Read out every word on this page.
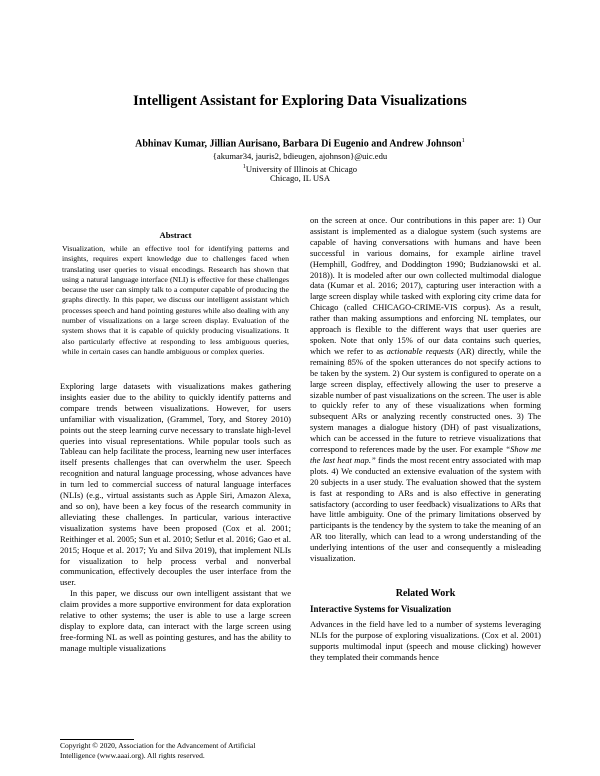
Intelligent Assistant for Exploring Data Visualizations
Abhinav Kumar, Jillian Aurisano, Barbara Di Eugenio and Andrew Johnson$^1$
{akumar34, jauris2, bdieugen, ajohnson}@uic.edu
$^1$University of Illinois at Chicago
Chicago, IL USA
Abstract
Visualization, while an effective tool for identifying patterns and insights, requires expert knowledge due to challenges faced when translating user queries to visual encodings. Research has shown that using a natural language interface (NLI) is effective for these challenges because the user can simply talk to a computer capable of producing the graphs directly. In this paper, we discuss our intelligent assistant which processes speech and hand pointing gestures while also dealing with any number of visualizations on a large screen display. Evaluation of the system shows that it is capable of quickly producing visualizations. It also particularly effective at responding to less ambiguous queries, while in certain cases can handle ambiguous or complex queries.

Exploring large datasets with visualizations makes gathering insights easier due to the ability to quickly identify patterns and compare trends between visualizations. However, for users unfamiliar with visualization, (Grammel, Tory, and Storey 2010) points out the steep learning curve necessary to translate high-level queries into visual representations. While popular tools such as Tableau can help facilitate the process, learning new user interfaces itself presents challenges that can overwhelm the user. Speech recognition and natural language processing, whose advances have in turn led to commercial success of natural language interfaces (NLIs) (e.g., virtual assistants such as Apple Siri, Amazon Alexa, and so on), have been a key focus of the research community in alleviating these challenges. In particular, various interactive visualization systems have been proposed (Cox et al. 2001; Reithinger et al. 2005; Sun et al. 2010; Setlur et al. 2016; Gao et al. 2015; Hoque et al. 2017; Yu and Silva 2019), that implement NLIs for visualization to help process verbal and nonverbal communication, effectively decouples the user interface from the user.

In this paper, we discuss our own intelligent assistant that we claim provides a more supportive environment for data exploration relative to other systems; the user is able to use a large screen display to explore data, can interact with the large screen using free-forming NL as well as pointing gestures, and has the ability to manage multiple visualizations

Copyright © 2020, Association for the Advancement of Artificial Intelligence (www.aaai.org). All rights reserved.
on the screen at once. Our contributions in this paper are: 1) Our assistant is implemented as a dialogue system (such systems are capable of having conversations with humans and have been successful in various domains, for example airline travel (Hemphill, Godfrey, and Doddington 1990; Budzianowski et al. 2018)). It is modeled after our own collected multimodal dialogue data (Kumar et al. 2016; 2017), capturing user interaction with a large screen display while tasked with exploring city crime data for Chicago (called CHICAGO-CRIME-VIS corpus). As a result, rather than making assumptions and enforcing NL templates, our approach is flexible to the different ways that user queries are spoken. Note that only 15% of our data contains such queries, which we refer to as actionable requests (AR) directly, while the remaining 85% of the spoken utterances do not specify actions to be taken by the system. 2) Our system is configured to operate on a large screen display, effectively allowing the user to preserve a sizable number of past visualizations on the screen. The user is able to quickly refer to any of these visualizations when forming subsequent ARs or analyzing recently constructed ones. 3) The system manages a dialogue history (DH) of past visualizations, which can be accessed in the future to retrieve visualizations that correspond to references made by the user. For example “Show me the last heat map.” finds the most recent entry associated with map plots. 4) We conducted an extensive evaluation of the system with 20 subjects in a user study. The evaluation showed that the system is fast at responding to ARs and is also effective in generating satisfactory (according to user feedback) visualizations to ARs that have little ambiguity. One of the primary limitations observed by participants is the tendency by the system to take the meaning of an AR too literally, which can lead to a wrong understanding of the underlying intentions of the user and consequently a misleading visualization.
Related Work
Interactive Systems for Visualization
Advances in the field have led to a number of systems leveraging NLIs for the purpose of exploring visualizations. (Cox et al. 2001) supports multimodal input (speech and mouse clicking) however they templated their commands hence
